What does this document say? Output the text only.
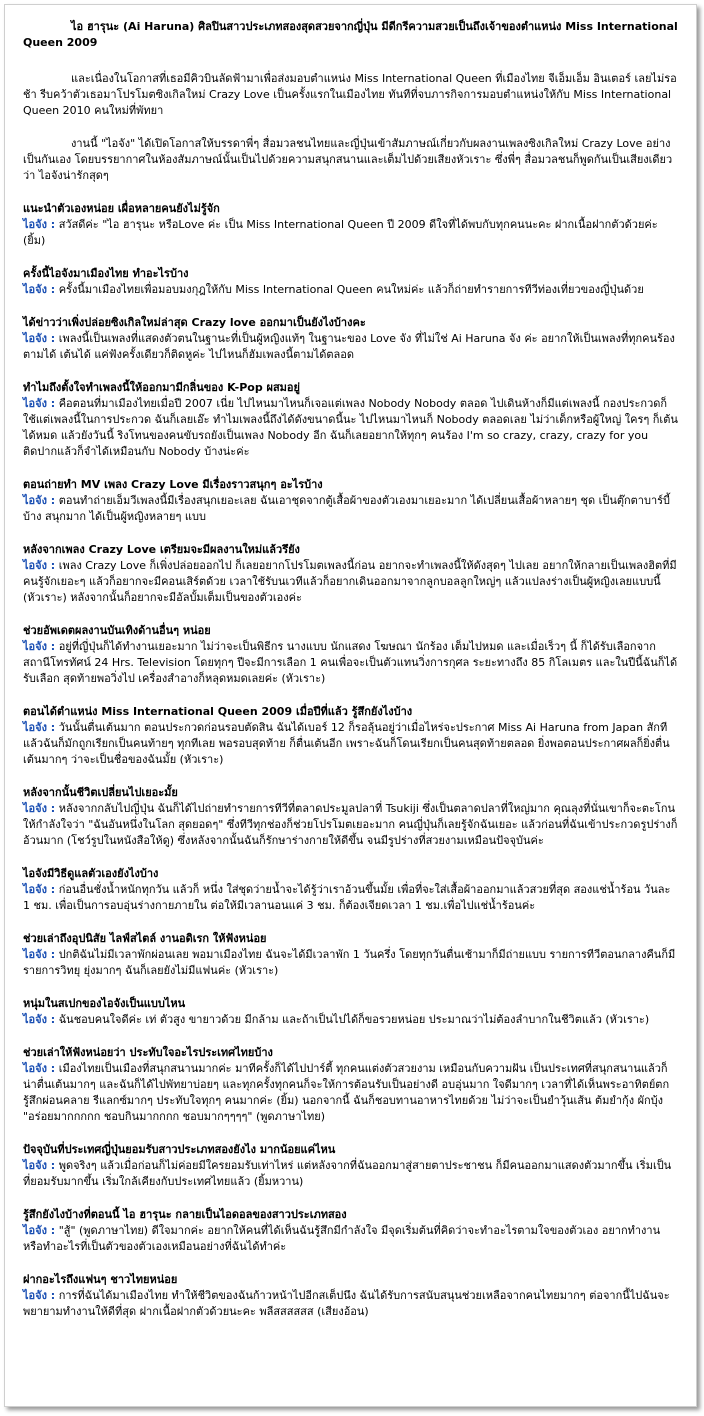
ไอ ฮารุนะ (Ai Haruna) ศิลปินสาวประเภทสองสุดสวยจากญี่ปุ่น มีดีกรีความสวยเป็นถึงเจ้าของตำแหน่ง Miss International Queen 2009
และเนื่องในโอกาสที่เธอมีคิวบินลัดฟ้ามาเพื่อส่งมอบตำแหน่ง Miss International Queen ที่เมืองไทย จีเอ็มเอ็ม อินเตอร์ เลยไม่รอช้า รีบคว้าตัวเธอมาโปรโมตซิงเกิลใหม่ Crazy Love เป็นครั้งแรกในเมืองไทย ทันทีที่จบภารกิจการมอบตำแหน่งให้กับ Miss International Queen 2010 คนใหม่ที่พัทยา
งานนี้ "ไอจัง" ได้เปิดโอกาสให้บรรดาพี่ๆ สื่อมวลชนไทยและญี่ปุ่นเข้าสัมภาษณ์เกี่ยวกับผลงานเพลงซิงเกิลใหม่ Crazy Love อย่างเป็นกันเอง โดยบรรยากาศในห้องสัมภาษณ์นั้นเป็นไปด้วยความสนุกสนานและเต็มไปด้วยเสียงหัวเราะ ซึ่งพี่ๆ สื่อมวลชนก็พูดกันเป็นเสียงเดียวว่า ไอจังน่ารักสุดๆ
แนะนำตัวเองหน่อย เผื่อหลายคนยังไม่รู้จัก
ไอจัง : สวัสดีค่ะ "ไอ ฮารุนะ หรือLove ค่ะ เป็น Miss International Queen ปี 2009 ดีใจที่ได้พบกับทุกคนนะคะ ฝากเนื้อฝากตัวด้วยค่ะ (ยิ้ม)
ครั้งนี้ไอจังมาเมืองไทย ทำอะไรบ้าง
ไอจัง : ครั้งนี้มาเมืองไทยเพื่อมอบมงกุฎให้กับ Miss International Queen คนใหม่ค่ะ แล้วก็ถ่ายทำรายการทีวีท่องเที่ยวของญี่ปุ่นด้วย
ได้ข่าวว่าเพิ่งปล่อยซิงเกิลใหม่ล่าสุด Crazy love ออกมาเป็นยังไงบ้างคะ
ไอจัง : เพลงนี้เป็นเพลงที่แสดงตัวตนในฐานะที่เป็นผู้หญิงแท้ๆ ในฐานะของ Love จัง ที่ไม่ใช่ Ai Haruna จัง ค่ะ อยากให้เป็นเพลงที่ทุกคนร้องตามได้ เต้นได้ แค่ฟังครั้งเดียวก็ติดหูค่ะ ไปไหนก็ฮัมเพลงนี้ตามได้ตลอด
ทำไมถึงตั้งใจทำเพลงนี้ให้ออกมามีกลิ่นของ K-Pop ผสมอยู่
ไอจัง : คือตอนที่มาเมืองไทยเมื่อปี 2007 เนี่ย ไปไหนมาไหนก็เจอแต่เพลง Nobody Nobody ตลอด ไปเดินห้างก็มีแต่เพลงนี้ กองประกวดก็ใช้แต่เพลงนี้ในการประกวด ฉันก็เลยเอ๊ะ ทำไมเพลงนี้ถึงได้ดังขนาดนี้นะ ไปไหนมาไหนก็ Nobody ตลอดเลย ไม่ว่าเด็กหรือผู้ใหญ่ ใครๆ ก็เต้นได้หมด แล้วยังวันนี้ ริงโทนของคนขับรถยังเป็นเพลง Nobody อีก ฉันก็เลยอยากให้ทุกๆ คนร้อง I'm so crazy, crazy, crazy for you ติดปากแล้วก็จำได้เหมือนกับ Nobody บ้างน่ะค่ะ
ตอนถ่ายทำ MV เพลง Crazy Love มีเรื่องราวสนุกๆ อะไรบ้าง
ไอจัง : ตอนทำถ่ายเอ็มวีเพลงนี้มีเรื่องสนุกเยอะเลย ฉันเอาชุดจากตู้เสื้อผ้าของตัวเองมาเยอะมาก ได้เปลี่ยนเสื้อผ้าหลายๆ ชุด เป็นตุ๊กตาบาร์บี้บ้าง สนุกมาก ได้เป็นผู้หญิงหลายๆ แบบ
หลังจากเพลง Crazy Love เตรียมจะมีผลงานใหม่แล้วรึยัง
ไอจัง : เพลง Crazy Love ก็เพิ่งปล่อยออกไป ก็เลยอยากโปรโมตเพลงนี้ก่อน อยากจะทำเพลงนี้ให้ดังสุดๆ ไปเลย อยากให้กลายเป็นเพลงฮิตที่มีคนรู้จักเยอะๆ แล้วก็อยากจะมีคอนเสิร์ตด้วย เวลาใช้รับนเวทีแล้วก็อยากเดินออกมาจากลูกบอลลูกใหญ่ๆ แล้วแปลงร่างเป็นผู้หญิงเลยแบบนี้ (หัวเราะ) หลังจากนั้นก็อยากจะมีอัลบั้มเต็มเป็นของตัวเองค่ะ
ช่วยอัพเดตผลงานบันเทิงด้านอื่นๆ หน่อย
ไอจัง : อยู่ที่ญี่ปุ่นก็ได้ทำงานเยอะมาก ไม่ว่าจะเป็นพิธีกร นางแบบ นักแสดง โฆษณา นักร้อง เต็มไปหมด และเมื่อเร็วๆ นี้ ก็ได้รับเลือกจากสถานีโทรทัศน์ 24 Hrs. Television โดยทุกๆ ปีจะมีการเลือก 1 คนเพื่อจะเป็นตัวแทนวิ่งการกุศล ระยะทางถึง 85 กิโลเมตร และในปีนี้ฉันก็ได้รับเลือก สุดท้ายพอวิ่งไป เครื่องสำอางก็หลุดหมดเลยค่ะ (หัวเราะ)
ตอนได้ตำแหน่ง Miss International Queen 2009 เมื่อปีที่แล้ว รู้สึกยังไงบ้าง
ไอจัง : วันนั้นตื่นเต้นมาก ตอนประกวดก่อนรอบตัดสิน ฉันได้เบอร์ 12 ก็รอลุ้นอยู่ว่าเมื่อไหร่จะประกาศ Miss Ai Haruna from Japan สักที แล้วฉันก็มักถูกเรียกเป็นคนท้ายๆ ทุกทีเลย พอรอบสุดท้าย ก็ตื่นเต้นอีก เพราะฉันก็โดนเรียกเป็นคนสุดท้ายตลอด ยิ่งพอตอนประกาศผลก็ยิ่งตื่นเต้นมากๆ ว่าจะเป็นชื่อของฉันมั้ย (หัวเราะ)
หลังจากนั้นชีวิตเปลี่ยนไปเยอะมั้ย
ไอจัง : หลังจากกลับไปญี่ปุ่น ฉันก็ได้ไปถ่ายทำรายการทีวีที่ตลาดประมูลปลาที่ Tsukiji ซึ่งเป็นตลาดปลาที่ใหญ่มาก คุณลุงที่นั่นเขาก็จะตะโกนให้กำลังใจว่า "ฉันอันหนึ่งในโลก สุดยอดๆ" ซึ่งทีวีทุกช่องก็ช่วยโปรโมตเยอะมาก คนญี่ปุ่นก็เลยรู้จักฉันเยอะ แล้วก่อนที่ฉันเข้าประกวดรูปร่างก็อ้วนมาก (โชว์รูปในหนังสือให้ดู) ซึ่งหลังจากนั้นฉันก็รักษาร่างกายให้ดีขึ้น จนมีรูปร่างที่สวยงามเหมือนปัจจุบันค่ะ
ไอจังมีวิธีดูแลตัวเองยังไงบ้าง
ไอจัง : ก่อนอื่นชั่งน้ำหนักทุกวัน แล้วก็ หนึ่ง ใส่ชุดว่ายน้ำจะได้รู้ว่าเราอ้วนขึ้นมั้ย เพื่อที่จะใส่เสื้อผ้าออกมาแล้วสวยที่สุด สองแช่น้ำร้อน วันละ 1 ชม. เพื่อเป็นการอบอุ่นร่างกายภายใน ต่อให้มีเวลานอนแค่ 3 ชม. ก็ต้องเจียดเวลา 1 ชม.เพื่อไปแช่น้ำร้อนค่ะ
ช่วยเล่าถึงอุปนิสัย ไลฟ์สไตล์ งานอดิเรก ให้ฟังหน่อย
ไอจัง : ปกติฉันไม่มีเวลาพักผ่อนเลย พอมาเมืองไทย ฉันจะได้มีเวลาพัก 1 วันครึ่ง โดยทุกวันตื่นเช้ามาก็มีถ่ายแบบ รายการทีวีตอนกลางคืนก็มีรายการวิทยุ ยุ่งมากๆ ฉันก็เลยยังไม่มีแฟนค่ะ (หัวเราะ)
หนุ่มในสเปกของไอจังเป็นแบบไหน
ไอจัง : ฉันชอบคนใจดีค่ะ เท่ ตัวสูง ขายาวด้วย มีกล้าม และถ้าเป็นไปได้ก็ขอรวยหน่อย ประมาณว่าไม่ต้องลำบากในชีวิตแล้ว (หัวเราะ)
ช่วยเล่าให้ฟังหน่อยว่า ประทับใจอะไรประเทศไทยบ้าง
ไอจัง : เมืองไทยเป็นเมืองที่สนุกสนานมากค่ะ มาทีครั้งก็ได้ไปปาร์ตี้ ทุกคนแต่งตัวสวยงาม เหมือนกับความฝัน เป็นประเทศที่สนุกสนานแล้วก็น่าตื่นเต้นมากๆ และฉันก็ได้ไปพัทยาบ่อยๆ และทุกครั้งทุกคนก็จะให้การต้อนรับเป็นอย่างดี อบอุ่นมาก ใจดีมากๆ เวลาที่ได้เห็นพระอาทิตย์ตก รู้สึกผ่อนคลาย รีแลกซ์มากๆ ประทับใจทุกๆ คนมากค่ะ (ยิ้ม) นอกจากนี้ ฉันก็ชอบทานอาหารไทยด้วย ไม่ว่าจะเป็นยำวุ้นเส้น ต้มยำกุ้ง ผักบุ้ง "อร่อยมากกกกก ชอบกินมากกกก ชอบมากๆๆๆๆ" (พูดภาษาไทย)
ปัจจุบันที่ประเทศญี่ปุ่นยอมรับสาวประเภทสองยังไง มากน้อยแค่ไหน
ไอจัง : พูดจริงๆ แล้วเมื่อก่อนก็ไม่ค่อยมีใครยอมรับเท่าไหร่ แต่หลังจากที่ฉันออกมาสู่สายตาประชาชน ก็มีคนออกมาแสดงตัวมากขึ้น เริ่มเป็นที่ยอมรับมากขึ้น เริ่มใกล้เคียงกับประเทศไทยแล้ว (ยิ้มหวาน)
รู้สึกยังไงบ้างที่ตอนนี้ ไอ ฮารุนะ กลายเป็นไอดอลของสาวประเภทสอง
ไอจัง : "สู้" (พูดภาษาไทย) ดีใจมากค่ะ อยากให้คนที่ได้เห็นฉันรู้สึกมีกำลังใจ มีจุดเริ่มต้นที่คิดว่าจะทำอะไรตามใจของตัวเอง อยากทำงาน หรือทำอะไรที่เป็นตัวของตัวเองเหมือนอย่างที่ฉันได้ทำค่ะ
ฝากอะไรถึงแฟนๆ ชาวไทยหน่อย
ไอจัง : การที่ฉันได้มาเมืองไทย ทำให้ชีวิตของฉันก้าวหน้าไปอีกสเต็ปนึง ฉันได้รับการสนับสนุนช่วยเหลือจากคนไทยมากๆ ต่อจากนี้ไปฉันจะพยายามทำงานให้ดีที่สุด ฝากเนื้อฝากตัวด้วยนะคะ พลีสสสสสส (เสียงอ้อน)
